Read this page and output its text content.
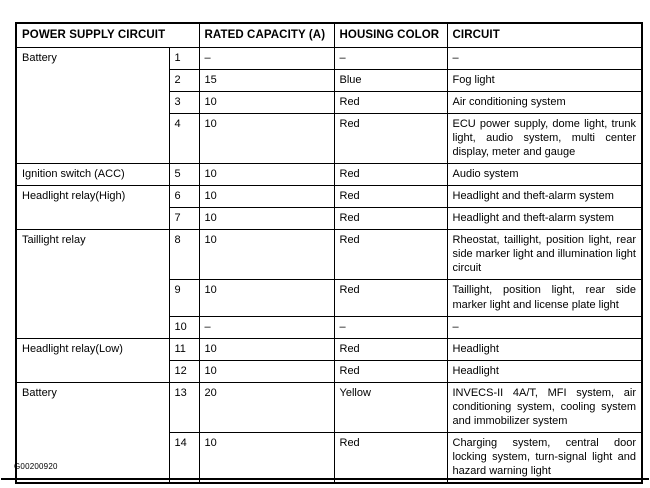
POWER SUPPLY CIRCUIT		RATED CAPACITY (A)	HOUSING COLOR	CIRCUIT
Battery	1	–	–	–
	2	15	Blue	Fog light
	3	10	Red	Air conditioning system
	4	10	Red	ECU power supply, dome light, trunk light, audio system, multi center display, meter and gauge
Ignition switch (ACC)	5	10	Red	Audio system
Headlight relay(High)	6	10	Red	Headlight and theft-alarm system
	7	10	Red	Headlight and theft-alarm system
Taillight relay	8	10	Red	Rheostat, taillight, position light, rear side marker light and illumination light circuit
	9	10	Red	Taillight, position light, rear side marker light and license plate light
	10	–	–	–
Headlight relay(Low)	11	10	Red	Headlight
	12	10	Red	Headlight
Battery	13	20	Yellow	INVECS-II 4A/T, MFI system, air conditioning system, cooling system and immobilizer system
	14	10	Red	Charging system, central door locking system, turn-signal light and hazard warning light
G00200920
